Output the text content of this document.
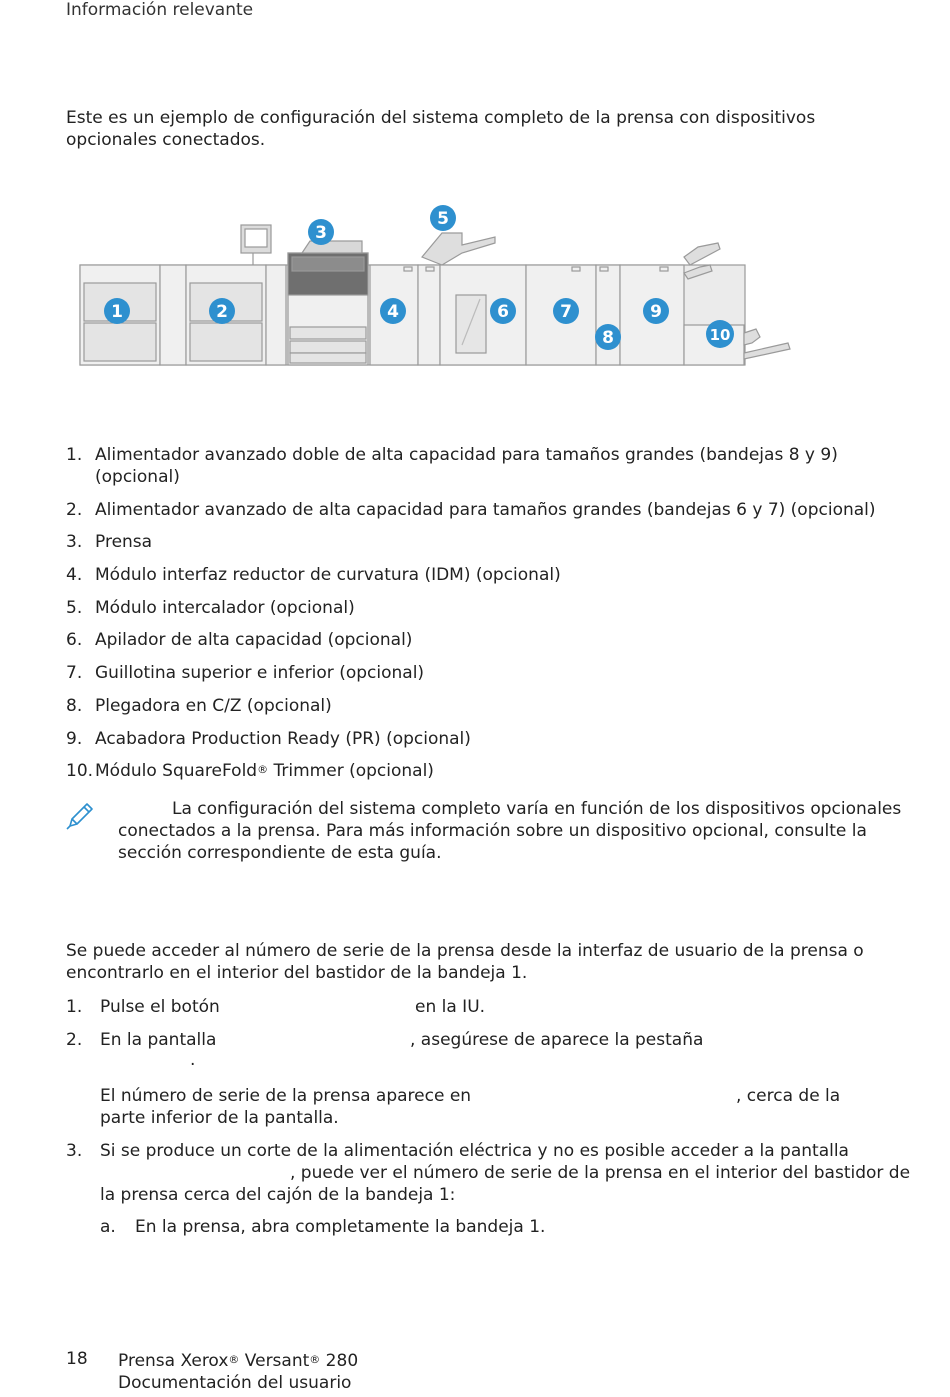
Información relevante

Este es un ejemplo de configuración del sistema completo de la prensa con dispositivos
opcionales conectados.
1	2
3
4
5
6	7
8
9
10
1. Alimentador avanzado doble de alta capacidad para tamaños grandes (bandejas 8 y 9)
(opcional)
2. Alimentador avanzado de alta capacidad para tamaños grandes (bandejas 6 y 7) (opcional)
3. Prensa
4. Módulo interfaz reductor de curvatura (IDM) (opcional)
5. Módulo intercalador (opcional)
6. Apilador de alta capacidad (opcional)
7. Guillotina superior e inferior (opcional)
8. Plegadora en C/Z (opcional)
9. Acabadora Production Ready (PR) (opcional)
10. Módulo SquareFold® Trimmer (opcional)
La configuración del sistema completo varía en función de los dispositivos opcionales
conectados a la prensa. Para más información sobre un dispositivo opcional, consulte la
sección correspondiente de esta guía.
Se puede acceder al número de serie de la prensa desde la interfaz de usuario de la prensa o
encontrarlo en el interior del bastidor de la bandeja 1.
1. Pulse el botón	en la IU.
2. En la pantalla	, asegúrese de aparece la pestaña
.
El número de serie de la prensa aparece en	, cerca de la
parte inferior de la pantalla.
3. Si se produce un corte de la alimentación eléctrica y no es posible acceder a la pantalla
, puede ver el número de serie de la prensa en el interior del bastidor de
la prensa cerca del cajón de la bandeja 1:
a. En la prensa, abra completamente la bandeja 1.

18 Prensa Xerox® Versant® 280
Documentación del usuario
